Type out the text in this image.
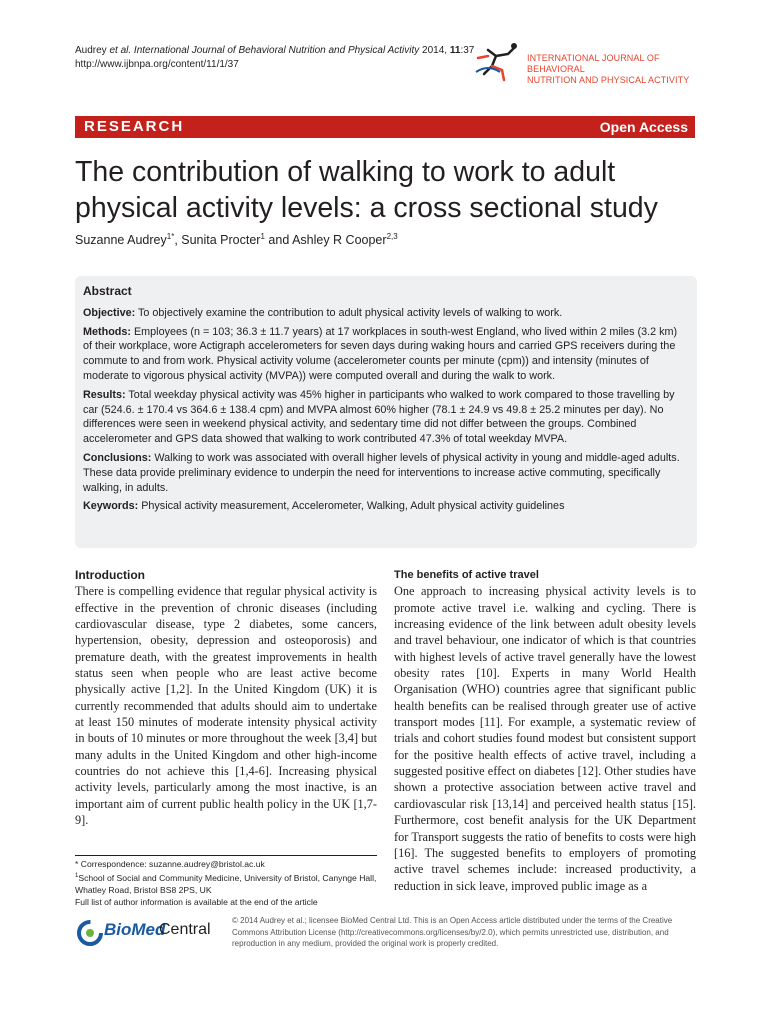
Audrey et al. International Journal of Behavioral Nutrition and Physical Activity 2014, 11:37
http://www.ijbnpa.org/content/11/1/37
INTERNATIONAL JOURNAL OF BEHAVIORAL
NUTRITION AND PHYSICAL ACTIVITY
RESEARCH	Open Access
The contribution of walking to work to adult physical activity levels: a cross sectional study
Suzanne Audrey$^{1*}$, Sunita Procter$^1$ and Ashley R Cooper$^{2,3}$
Abstract

Objective: To objectively examine the contribution to adult physical activity levels of walking to work.

Methods: Employees (n = 103; 36.3 ± 11.7 years) at 17 workplaces in south-west England, who lived within 2 miles (3.2 km) of their workplace, wore Actigraph accelerometers for seven days during waking hours and carried GPS receivers during the commute to and from work. Physical activity volume (accelerometer counts per minute (cpm)) and intensity (minutes of moderate to vigorous physical activity (MVPA)) were computed overall and during the walk to work.

Results: Total weekday physical activity was 45% higher in participants who walked to work compared to those travelling by car (524.6. ± 170.4 vs 364.6 ± 138.4 cpm) and MVPA almost 60% higher (78.1 ± 24.9 vs 49.8 ± 25.2 minutes per day). No differences were seen in weekend physical activity, and sedentary time did not differ between the groups. Combined accelerometer and GPS data showed that walking to work contributed 47.3% of total weekday MVPA.

Conclusions: Walking to work was associated with overall higher levels of physical activity in young and middle-aged adults. These data provide preliminary evidence to underpin the need for interventions to increase active commuting, specifically walking, in adults.

Keywords: Physical activity measurement, Accelerometer, Walking, Adult physical activity guidelines

Introduction
There is compelling evidence that regular physical activity is effective in the prevention of chronic diseases (including cardiovascular disease, type 2 diabetes, some cancers, hypertension, obesity, depression and osteoporosis) and premature death, with the greatest improvements in health status seen when people who are least active become physically active [1,2]. In the United Kingdom (UK) it is currently recommended that adults should aim to undertake at least 150 minutes of moderate intensity physical activity in bouts of 10 minutes or more throughout the week [3,4] but many adults in the United Kingdom and other high-income countries do not achieve this [1,4-6]. Increasing physical activity levels, particularly among the most inactive, is an important aim of current public health policy in the UK [1,7-9].
The benefits of active travel
One approach to increasing physical activity levels is to promote active travel i.e. walking and cycling. There is increasing evidence of the link between adult obesity levels and travel behaviour, one indicator of which is that countries with highest levels of active travel generally have the lowest obesity rates [10]. Experts in many World Health Organisation (WHO) countries agree that significant public health benefits can be realised through greater use of active transport modes [11]. For example, a systematic review of trials and cohort studies found modest but consistent support for the positive health effects of active travel, including a suggested positive effect on diabetes [12]. Other studies have shown a protective association between active travel and cardiovascular risk [13,14] and perceived health status [15]. Furthermore, cost benefit analysis for the UK Department for Transport suggests the ratio of benefits to costs were high [16]. The suggested benefits to employers of promoting active travel schemes include: increased productivity, a reduction in sick leave, improved public image as a
* Correspondence: suzanne.audrey@bristol.ac.uk
$^1$School of Social and Community Medicine, University of Bristol, Canynge Hall, Whatley Road, Bristol BS8 2PS, UK
Full list of author information is available at the end of the article
BioMed
Central
© 2014 Audrey et al.; licensee BioMed Central Ltd. This is an Open Access article distributed under the terms of the Creative Commons Attribution License (http://creativecommons.org/licenses/by/2.0), which permits unrestricted use, distribution, and reproduction in any medium, provided the original work is properly credited.
